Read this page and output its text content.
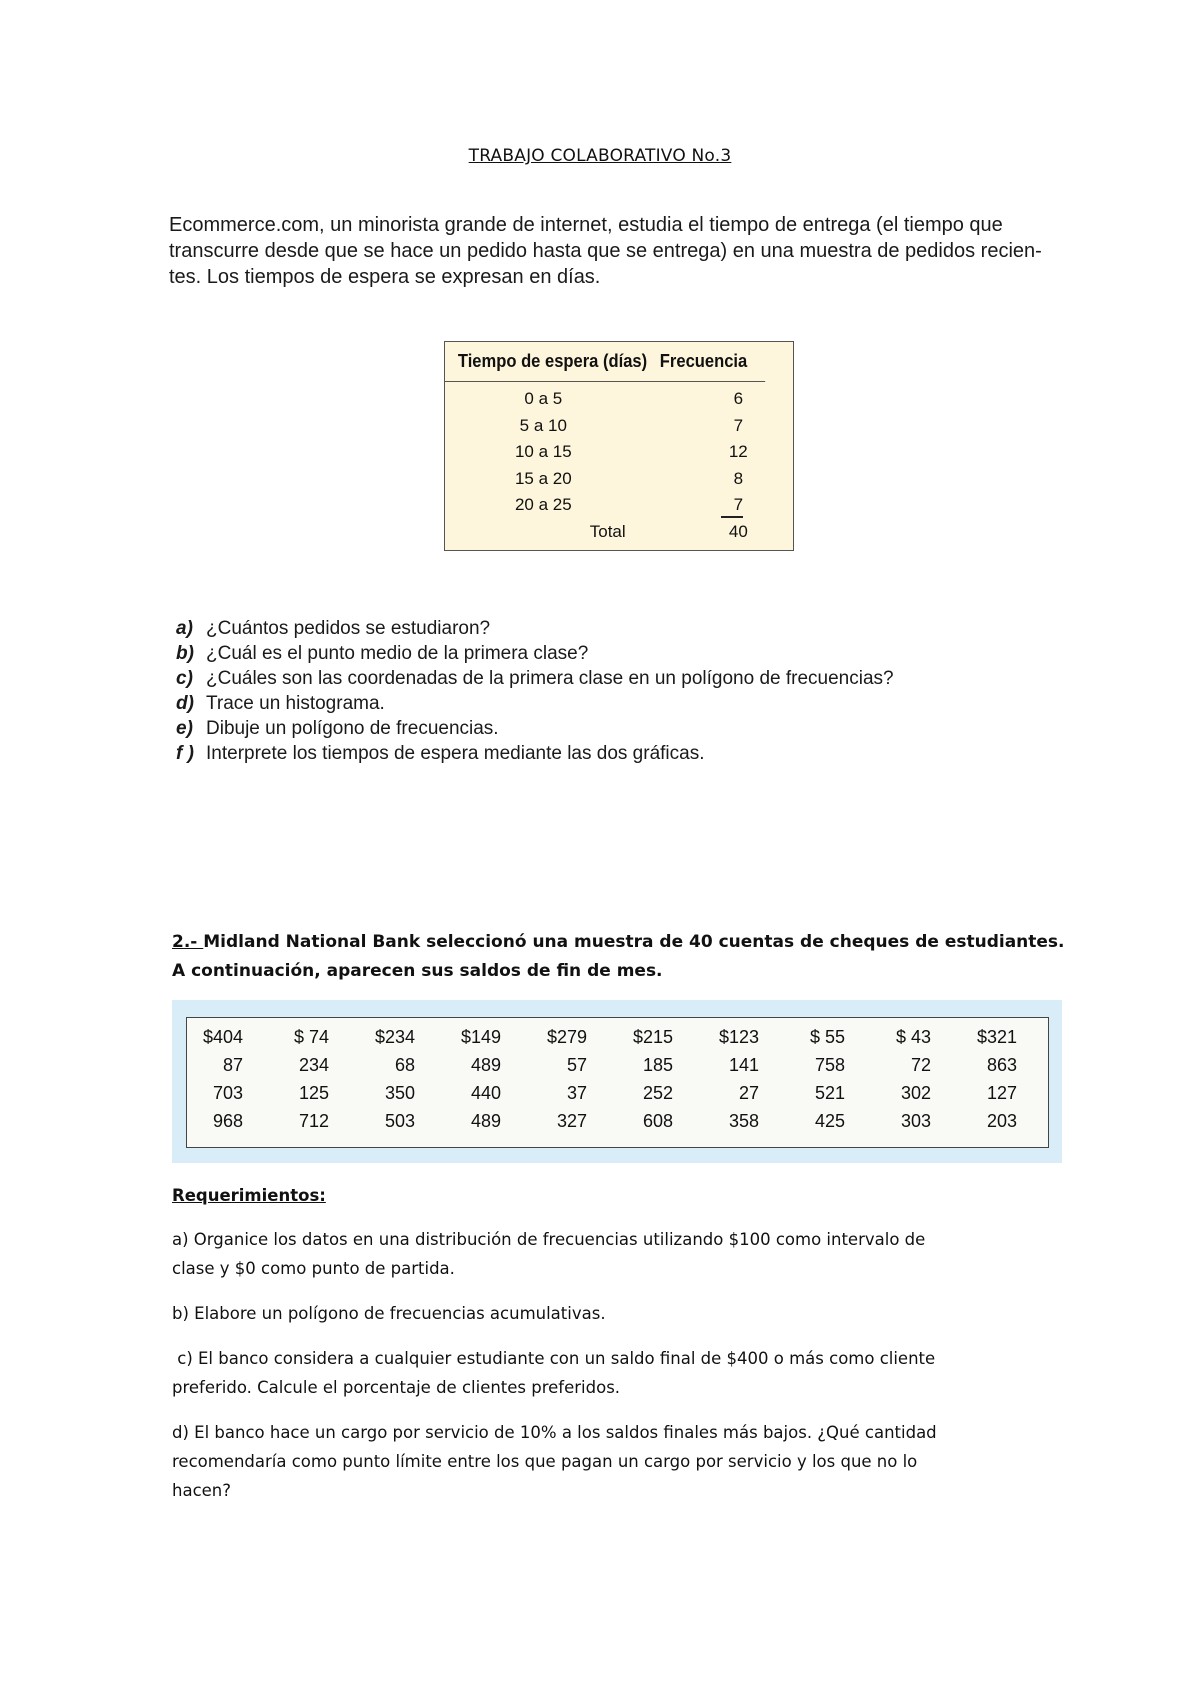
TRABAJO COLABORATIVO No.3
Ecommerce.com, un minorista grande de internet, estudia el tiempo de entrega (el tiempo que
transcurre desde que se hace un pedido hasta que se entrega) en una muestra de pedidos recien-
tes. Los tiempos de espera se expresan en días.
Tiempo de espera (días) Frecuencia
0 a 5	6
5 a 10	7
10 a 15	12
15 a 20	8
20 a 25	7
Total	40
a) ¿Cuántos pedidos se estudiaron?
b) ¿Cuál es el punto medio de la primera clase?
c) ¿Cuáles son las coordenadas de la primera clase en un polígono de frecuencias?
d) Trace un histograma.
e) Dibuje un polígono de frecuencias.
f ) Interprete los tiempos de espera mediante las dos gráficas.
2.- Midland National Bank seleccionó una muestra de 40 cuentas de cheques de estudiantes.
A continuación, aparecen sus saldos de fin de mes.
$404	$ 74	$234	$149	$279	$215	$123	$ 55	$ 43	$321
87	234	68	489	57	185	141	758	72	863
703	125	350	440	37	252	27	521	302	127
968	712	503	489	327	608	358	425	303	203
Requerimientos:
a) Organice los datos en una distribución de frecuencias utilizando $100 como intervalo de
clase y $0 como punto de partida.
b) Elabore un polígono de frecuencias acumulativas.
c) El banco considera a cualquier estudiante con un saldo final de $400 o más como cliente
preferido. Calcule el porcentaje de clientes preferidos.
d) El banco hace un cargo por servicio de 10% a los saldos finales más bajos. ¿Qué cantidad
recomendaría como punto límite entre los que pagan un cargo por servicio y los que no lo
hacen?
